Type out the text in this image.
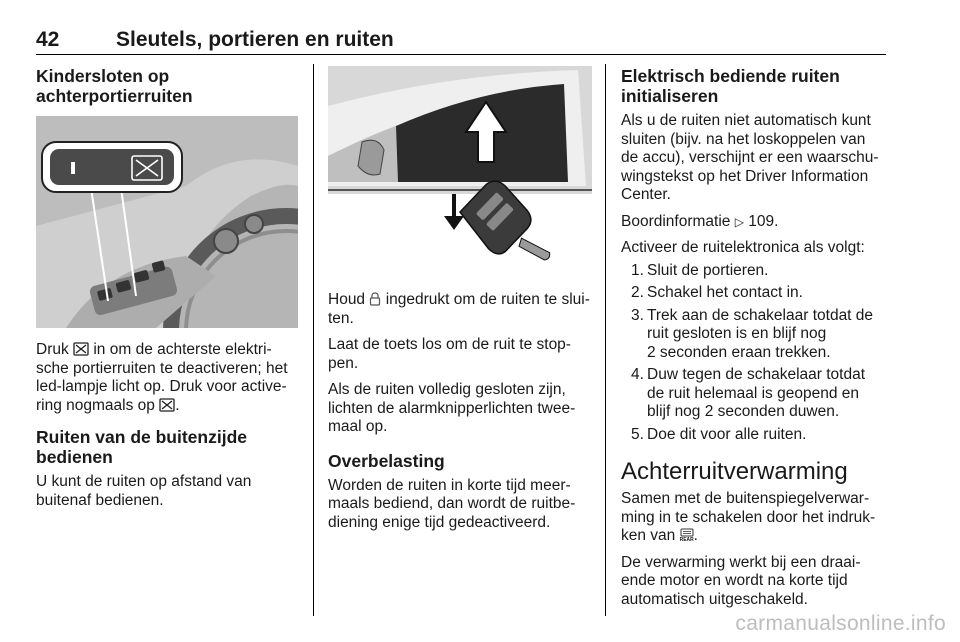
42	Sleutels, portieren en ruiten
Kindersloten op
achterportierruiten

Druk in om de achterste elektri-
sche portierruiten te deactiveren; het
led-lampje licht op. Druk voor active-
ring nogmaals op .

Ruiten van de buitenzijde
bedienen

U kunt de ruiten op afstand van
buitenaf bedienen.

Houd ingedrukt om de ruiten te slui-
ten.

Laat de toets los om de ruit te stop-
pen.

Als de ruiten volledig gesloten zijn,
lichten de alarmknipperlichten twee-
maal op.

Overbelasting

Worden de ruiten in korte tijd meer-
maals bediend, dan wordt de ruitbe-
diening enige tijd gedeactiveerd.

Elektrisch bediende ruiten
initialiseren

Als u de ruiten niet automatisch kunt
sluiten (bijv. na het loskoppelen van
de accu), verschijnt er een waarschu-
wingstekst op het Driver Information
Center.

Boordinformatie ▷ 109.

Activeer de ruitelektronica als volgt:

1. Sluit de portieren.
2. Schakel het contact in.
3. Trek aan de schakelaar totdat de
ruit gesloten is en blijf nog
2 seconden eraan trekken.
4. Duw tegen de schakelaar totdat
de ruit helemaal is geopend en
blijf nog 2 seconden duwen.
5. Doe dit voor alle ruiten.
Achterruitverwarming

Samen met de buitenspiegelverwar-
ming in te schakelen door het indruk-
ken van REAR .

De verwarming werkt bij een draai-
ende motor en wordt na korte tijd
automatisch uitgeschakeld.

carmanualsonline.info
